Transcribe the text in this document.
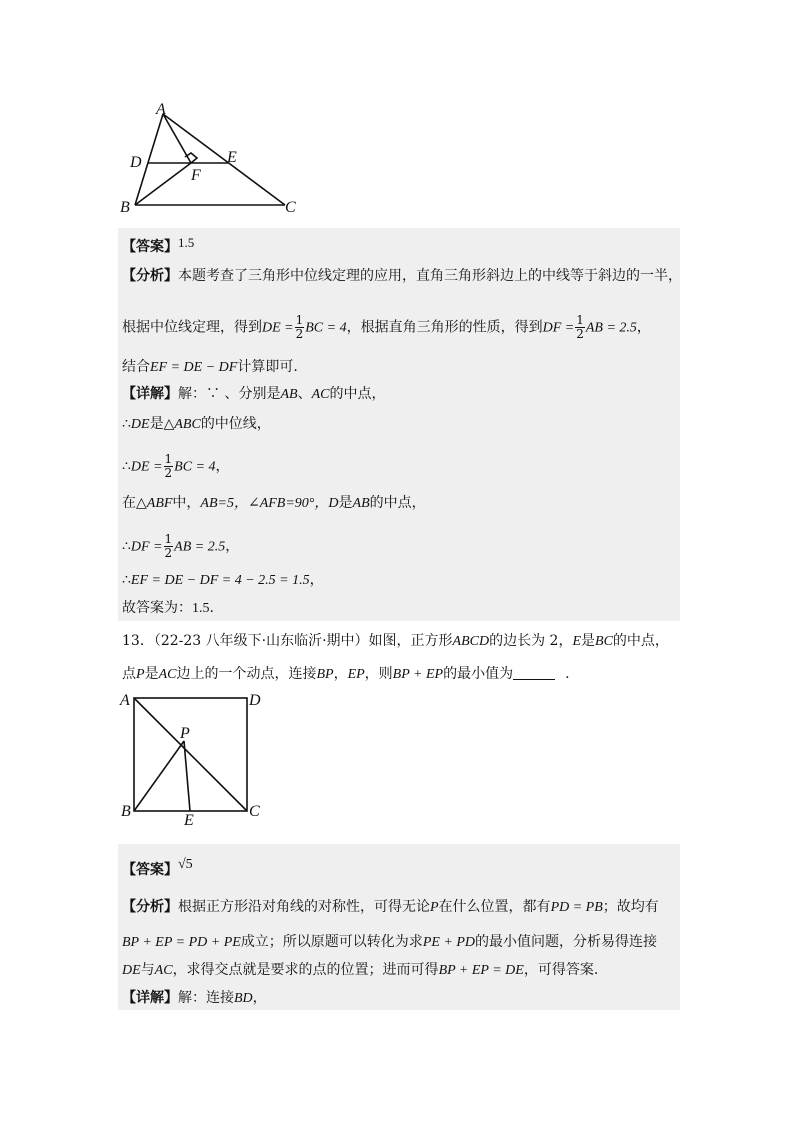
A
D	E
F
B	C
【答案】1.5
【分析】本题考查了三角形中位线定理的应用，直角三角形斜边上的中线等于斜边的一半，
根据中位线定理，得到DE = $\frac{1}{2}$ BC = 4，根据直角三角形的性质，得到DF = $\frac{1}{2}$ AB = 2.5，
结合EF = DE − DF计算即可.
【详解】解：∵ 、分别是AB、AC的中点，
∴DE是△ABC的中位线，
∴DE = $\frac{1}{2}$ BC = 4，
在△ABF中，AB=5，∠AFB=90°，D是AB的中点，
∴DF = $\frac{1}{2}$ AB = 2.5，
∴EF = DE − DF = 4 − 2.5 = 1.5，
故答案为：1.5.
13．（22-23 八年级下·山东临沂·期中）如图，正方形ABCD的边长为 2，E是BC的中点，
点P是AC边上的一个动点，连接BP，EP，则BP + EP的最小值为	.
A	D
P
B
E
C
【答案】√5
【分析】根据正方形沿对角线的对称性，可得无论P在什么位置，都有PD = PB；故均有
BP + EP = PD + PE成立；所以原题可以转化为求PE + PD的最小值问题，分析易得连接
DE与AC，求得交点就是要求的点的位置；进而可得BP + EP = DE，可得答案.
【详解】解：连接BD，
